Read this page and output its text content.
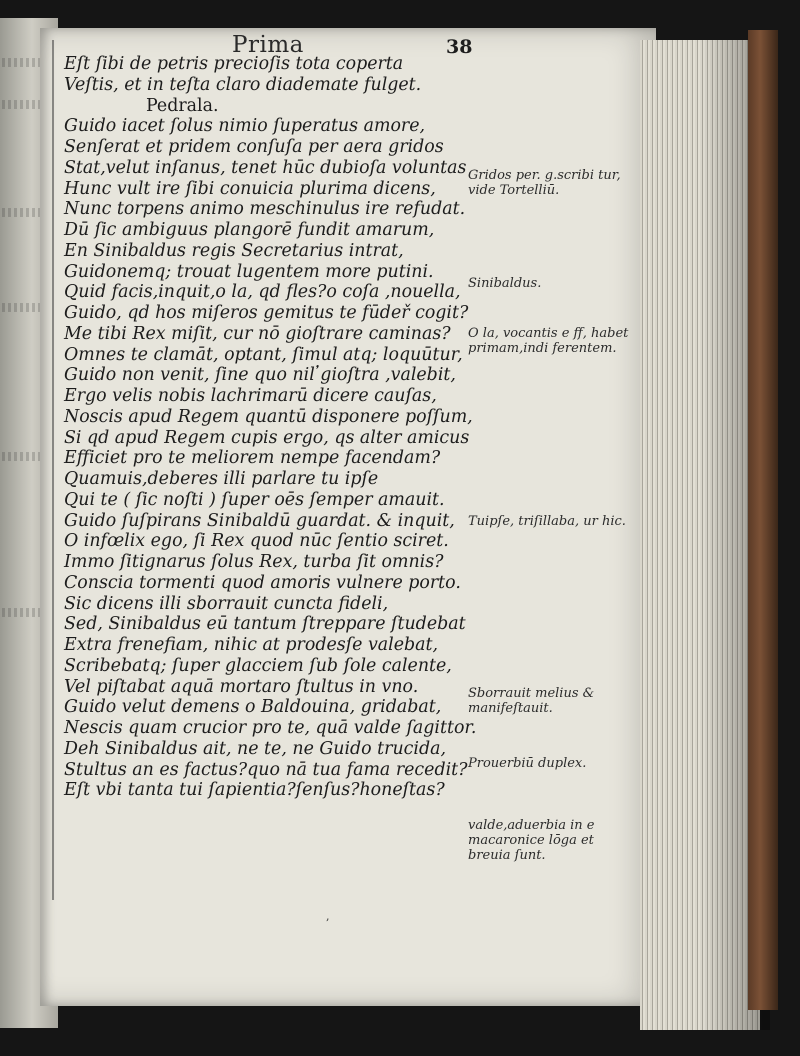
Prima	38
Eſt ſibi de petris precioſis tota coperta
Veſtis, et in teſta claro diademate fulget.
Pedrala.
Guido iacet ſolus nimio ſuperatus amore,
Senſerat et pridem conſuſa per aera gridos
Stat,velut inſanus, tenet hūc dubioſa voluntas
Hunc vult ire ſibi conuicia plurima dicens,
Nunc torpens animo meschinulus ire refudat.
Dū ſic ambiguus plangorē fundit amarum,
En Sinibaldus regis Secretarius intrat,
Guidonemq; trouat lugentem more putini.
Quid facis,inquit,o la, qd fles?o coſa ,nouella,
Guido, qd hos miſeros gemitus te fūdeř cogit?
Me tibi Rex miſit, cur nō gioſtrare caminas?
Omnes te clamāt, optant, ſimul atq; loquūtur,
Guido non venit, ſine quo nil ̓gioſtra ,valebit,
Ergo velis nobis lachrimarū dicere cauſas,
Noscis apud Regem quantū disponere poſſum,
Si qd apud Regem cupis ergo, qs alter amicus
Efficiet pro te meliorem nempe facendam?
Quamuis,deberes illi parlare tu ipſe
Qui te ( ſic noſti ) ſuper oēs ſemper amauit.
Guido ſuſpirans Sinibaldū guardat. & inquit,
O infœlix ego, ſi Rex quod nūc ſentio sciret.
Immo ſitignarus ſolus Rex, turba ſit omnis?
Conscia tormenti quod amoris vulnere porto.
Sic dicens illi sborrauit cuncta fideli,
Sed, Sinibaldus eū tantum ſtreppare ſtudebat
Extra frenefiam, nihic at prodesſe valebat,
Scribebatq; ſuper glacciem ſub ſole calente,
Vel piſtabat aquā mortaro ſtultus in vno.
Guido velut demens o Baldouina, gridabat,
Nescis quam crucior pro te, quā valde ſagittor.
Deh Sinibaldus ait, ne te, ne Guido trucida,
Stultus an es factus?quo nā tua fama recedit?
Eſt vbi tanta tui ſapientia?ſenſus?honeſtas?
Gridos per. g.scribi tur, vide Tortelliū.
Sinibaldus.
O la, vocantis e ff, habet primam,indi ferentem.
Tuipſe, triſillaba, ur hic.
Sborrauit melius & manifeſtauit.
Prouerbiū duplex.
valde,aduerbia in e macaronice lōga et breuia ſunt.
,
